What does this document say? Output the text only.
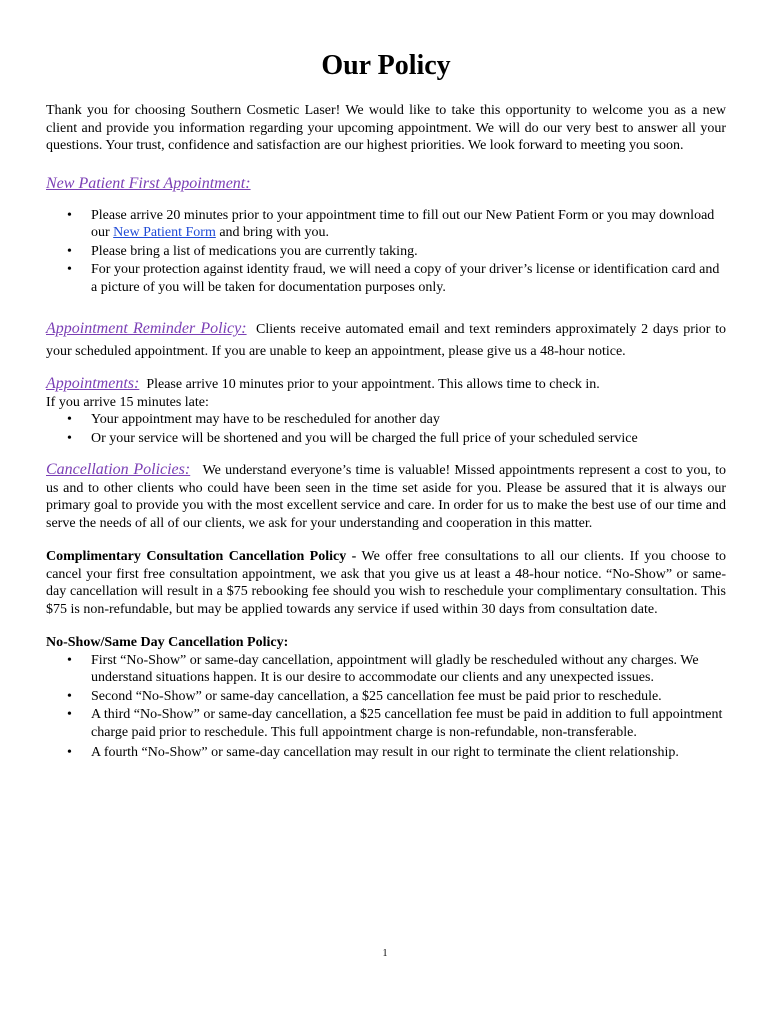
Our Policy

Thank you for choosing Southern Cosmetic Laser! We would like to take this opportunity to welcome you as a new client and provide you information regarding your upcoming appointment. We will do our very best to answer all your questions. Your trust, confidence and satisfaction are our highest priorities. We look forward to meeting you soon.

New Patient First Appointment:
• Please arrive 20 minutes prior to your appointment time to fill out our New Patient Form or you may download our New Patient Form and bring with you.
• Please bring a list of medications you are currently taking.
• For your protection against identity fraud, we will need a copy of your driver’s license or identification card and a picture of you will be taken for documentation purposes only.

Appointment Reminder Policy: Clients receive automated email and text reminders approximately 2 days prior to your scheduled appointment. If you are unable to keep an appointment, please give us a 48-hour notice.

Appointments: Please arrive 10 minutes prior to your appointment. This allows time to check in.

If you arrive 15 minutes late:

• Your appointment may have to be rescheduled for another day
• Or your service will be shortened and you will be charged the full price of your scheduled service

Cancellation Policies: We understand everyone’s time is valuable! Missed appointments represent a cost to you, to us and to other clients who could have been seen in the time set aside for you. Please be assured that it is always our primary goal to provide you with the most excellent service and care. In order for us to make the best use of our time and serve the needs of all of our clients, we ask for your understanding and cooperation in this matter.

Complimentary Consultation Cancellation Policy - We offer free consultations to all our clients. If you choose to cancel your first free consultation appointment, we ask that you give us at least a 48-hour notice. “No-Show” or same-day cancellation will result in a $75 rebooking fee should you wish to reschedule your complimentary consultation. This $75 is non-refundable, but may be applied towards any service if used within 30 days from consultation date.

No-Show/Same Day Cancellation Policy:

• First “No-Show” or same-day cancellation, appointment will gladly be rescheduled without any charges. We understand situations happen. It is our desire to accommodate our clients and any unexpected issues.
• Second “No-Show” or same-day cancellation, a $25 cancellation fee must be paid prior to reschedule.
• A third “No-Show” or same-day cancellation, a $25 cancellation fee must be paid in addition to full appointment charge paid prior to reschedule. This full appointment charge is non-refundable, non-transferable.
• A fourth “No-Show” or same-day cancellation may result in our right to terminate the client relationship.
1
